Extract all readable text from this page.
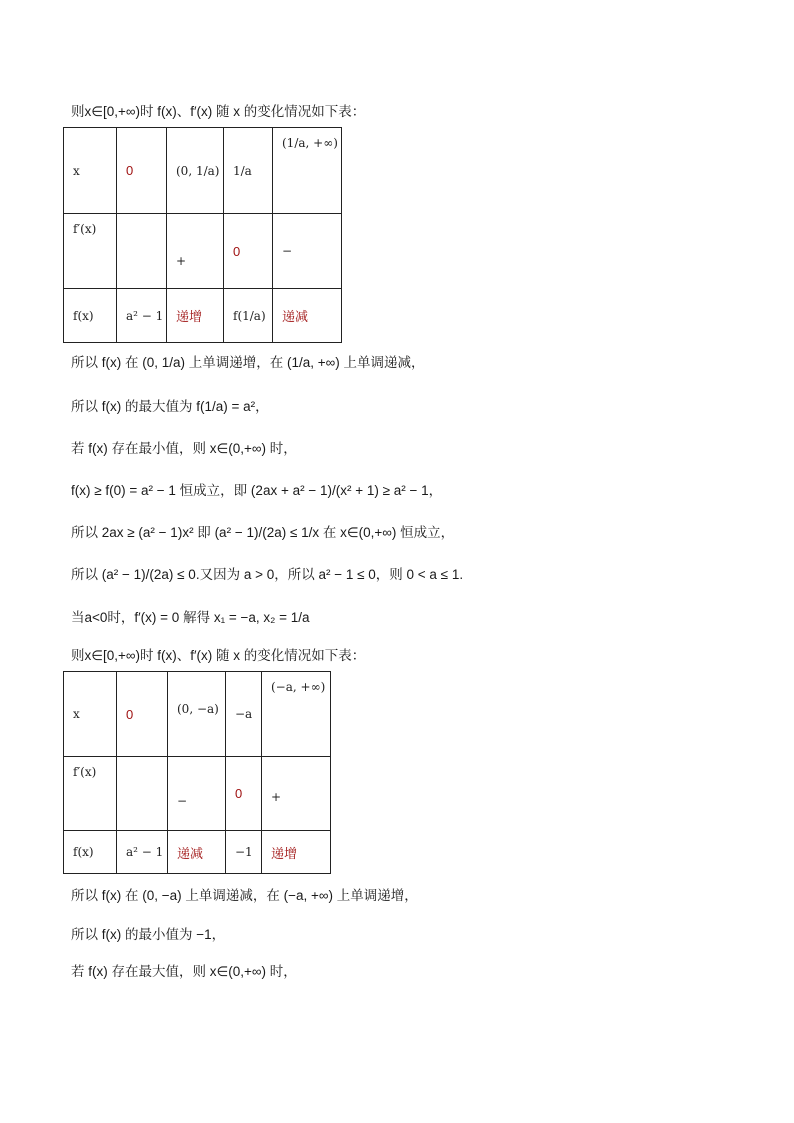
则x∈[0,+∞)时 f(x)、f′(x) 随 x 的变化情况如下表：
x	0	(0, 1/a)	1/a	(1/a, +∞)
f′(x)		+	0	−
f(x)	a² − 1	递增	f(1/a)	递减
所以 f(x) 在 (0, 1/a) 上单调递增，在 (1/a, +∞) 上单调递减，
所以 f(x) 的最大值为 f(1/a) = a²，
若 f(x) 存在最小值，则 x∈(0,+∞) 时，
f(x) ≥ f(0) = a² − 1 恒成立，即 (2ax + a² − 1)/(x² + 1) ≥ a² − 1，
所以 2ax ≥ (a² − 1)x² 即 (a² − 1)/(2a) ≤ 1/x 在 x∈(0,+∞) 恒成立，
所以 (a² − 1)/(2a) ≤ 0.又因为 a > 0，所以 a² − 1 ≤ 0，则 0 < a ≤ 1.
当a<0时，f′(x) = 0 解得 x₁ = −a, x₂ = 1/a
则x∈[0,+∞)时 f(x)、f′(x) 随 x 的变化情况如下表：
x	0	(0, −a)	−a	(−a, +∞)
f′(x)		−	0	+
f(x)	a² − 1	递减	−1	递增
所以 f(x) 在 (0, −a) 上单调递减，在 (−a, +∞) 上单调递增，
所以 f(x) 的最小值为 −1，
若 f(x) 存在最大值，则 x∈(0,+∞) 时，
